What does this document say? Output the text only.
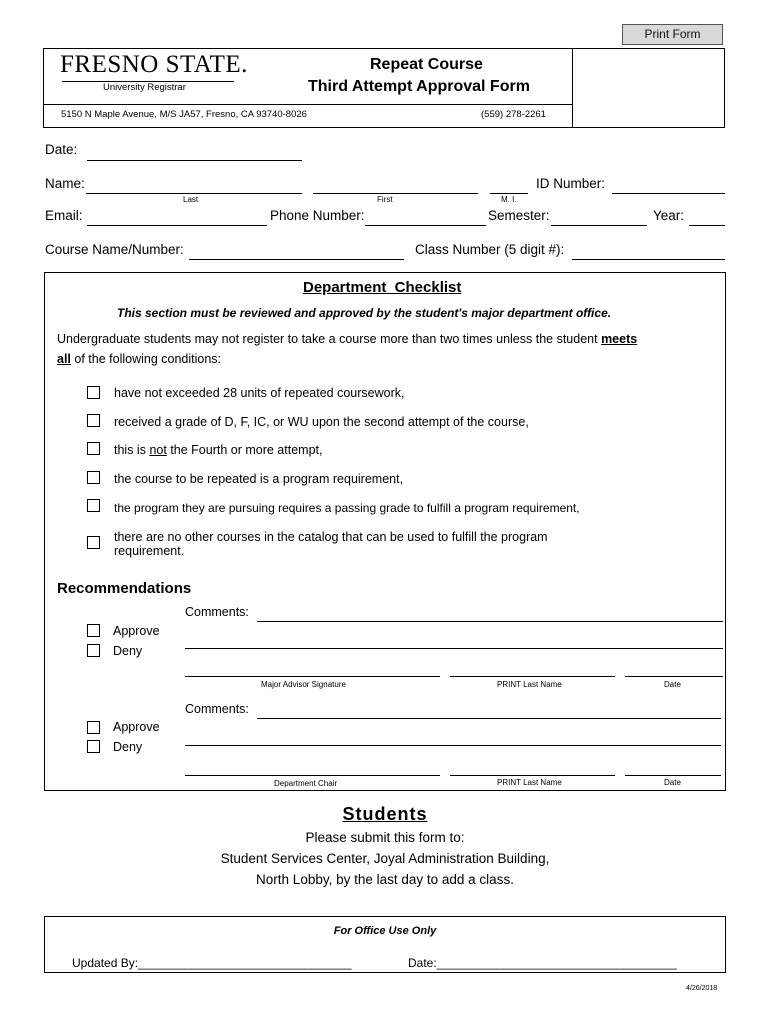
Print Form
FRESNO STATE.
University Registrar
Repeat Course
Third Attempt Approval Form
5150 N Maple Avenue, M/S JA57, Fresno, CA 93740-8026	(559) 278-2261
Date:
Name:	ID Number:
Last	First	M. I.
Email:	Phone Number:	Semester:	Year:
Course Name/Number:	Class Number (5 digit #):
Department  Checklist
This section must be reviewed and approved by the student's major department office.
Undergraduate students may not register to take a course more than two times unless the student meets
all of the following conditions:
have not exceeded 28 units of repeated coursework,
received a grade of D, F, IC, or WU upon the second attempt of the course,
this is not the Fourth or more attempt,
the course to be repeated is a program requirement,
the program they are pursuing requires a passing grade to fulfill a program requirement,
there are no other courses in the catalog that can be used to fulfill the program
requirement.
Recommendations
Comments:
Approve
Deny
Major Advisor Signature	PRINT Last Name	Date
Comments:
Approve
Deny
Department Chair	PRINT Last Name	Date
Students
Please submit this form to:
Student Services Center, Joyal Administration Building,
North Lobby, by the last day to add a class.
For Office Use Only
Updated By:________________________________	Date:____________________________________
4/26/2018
